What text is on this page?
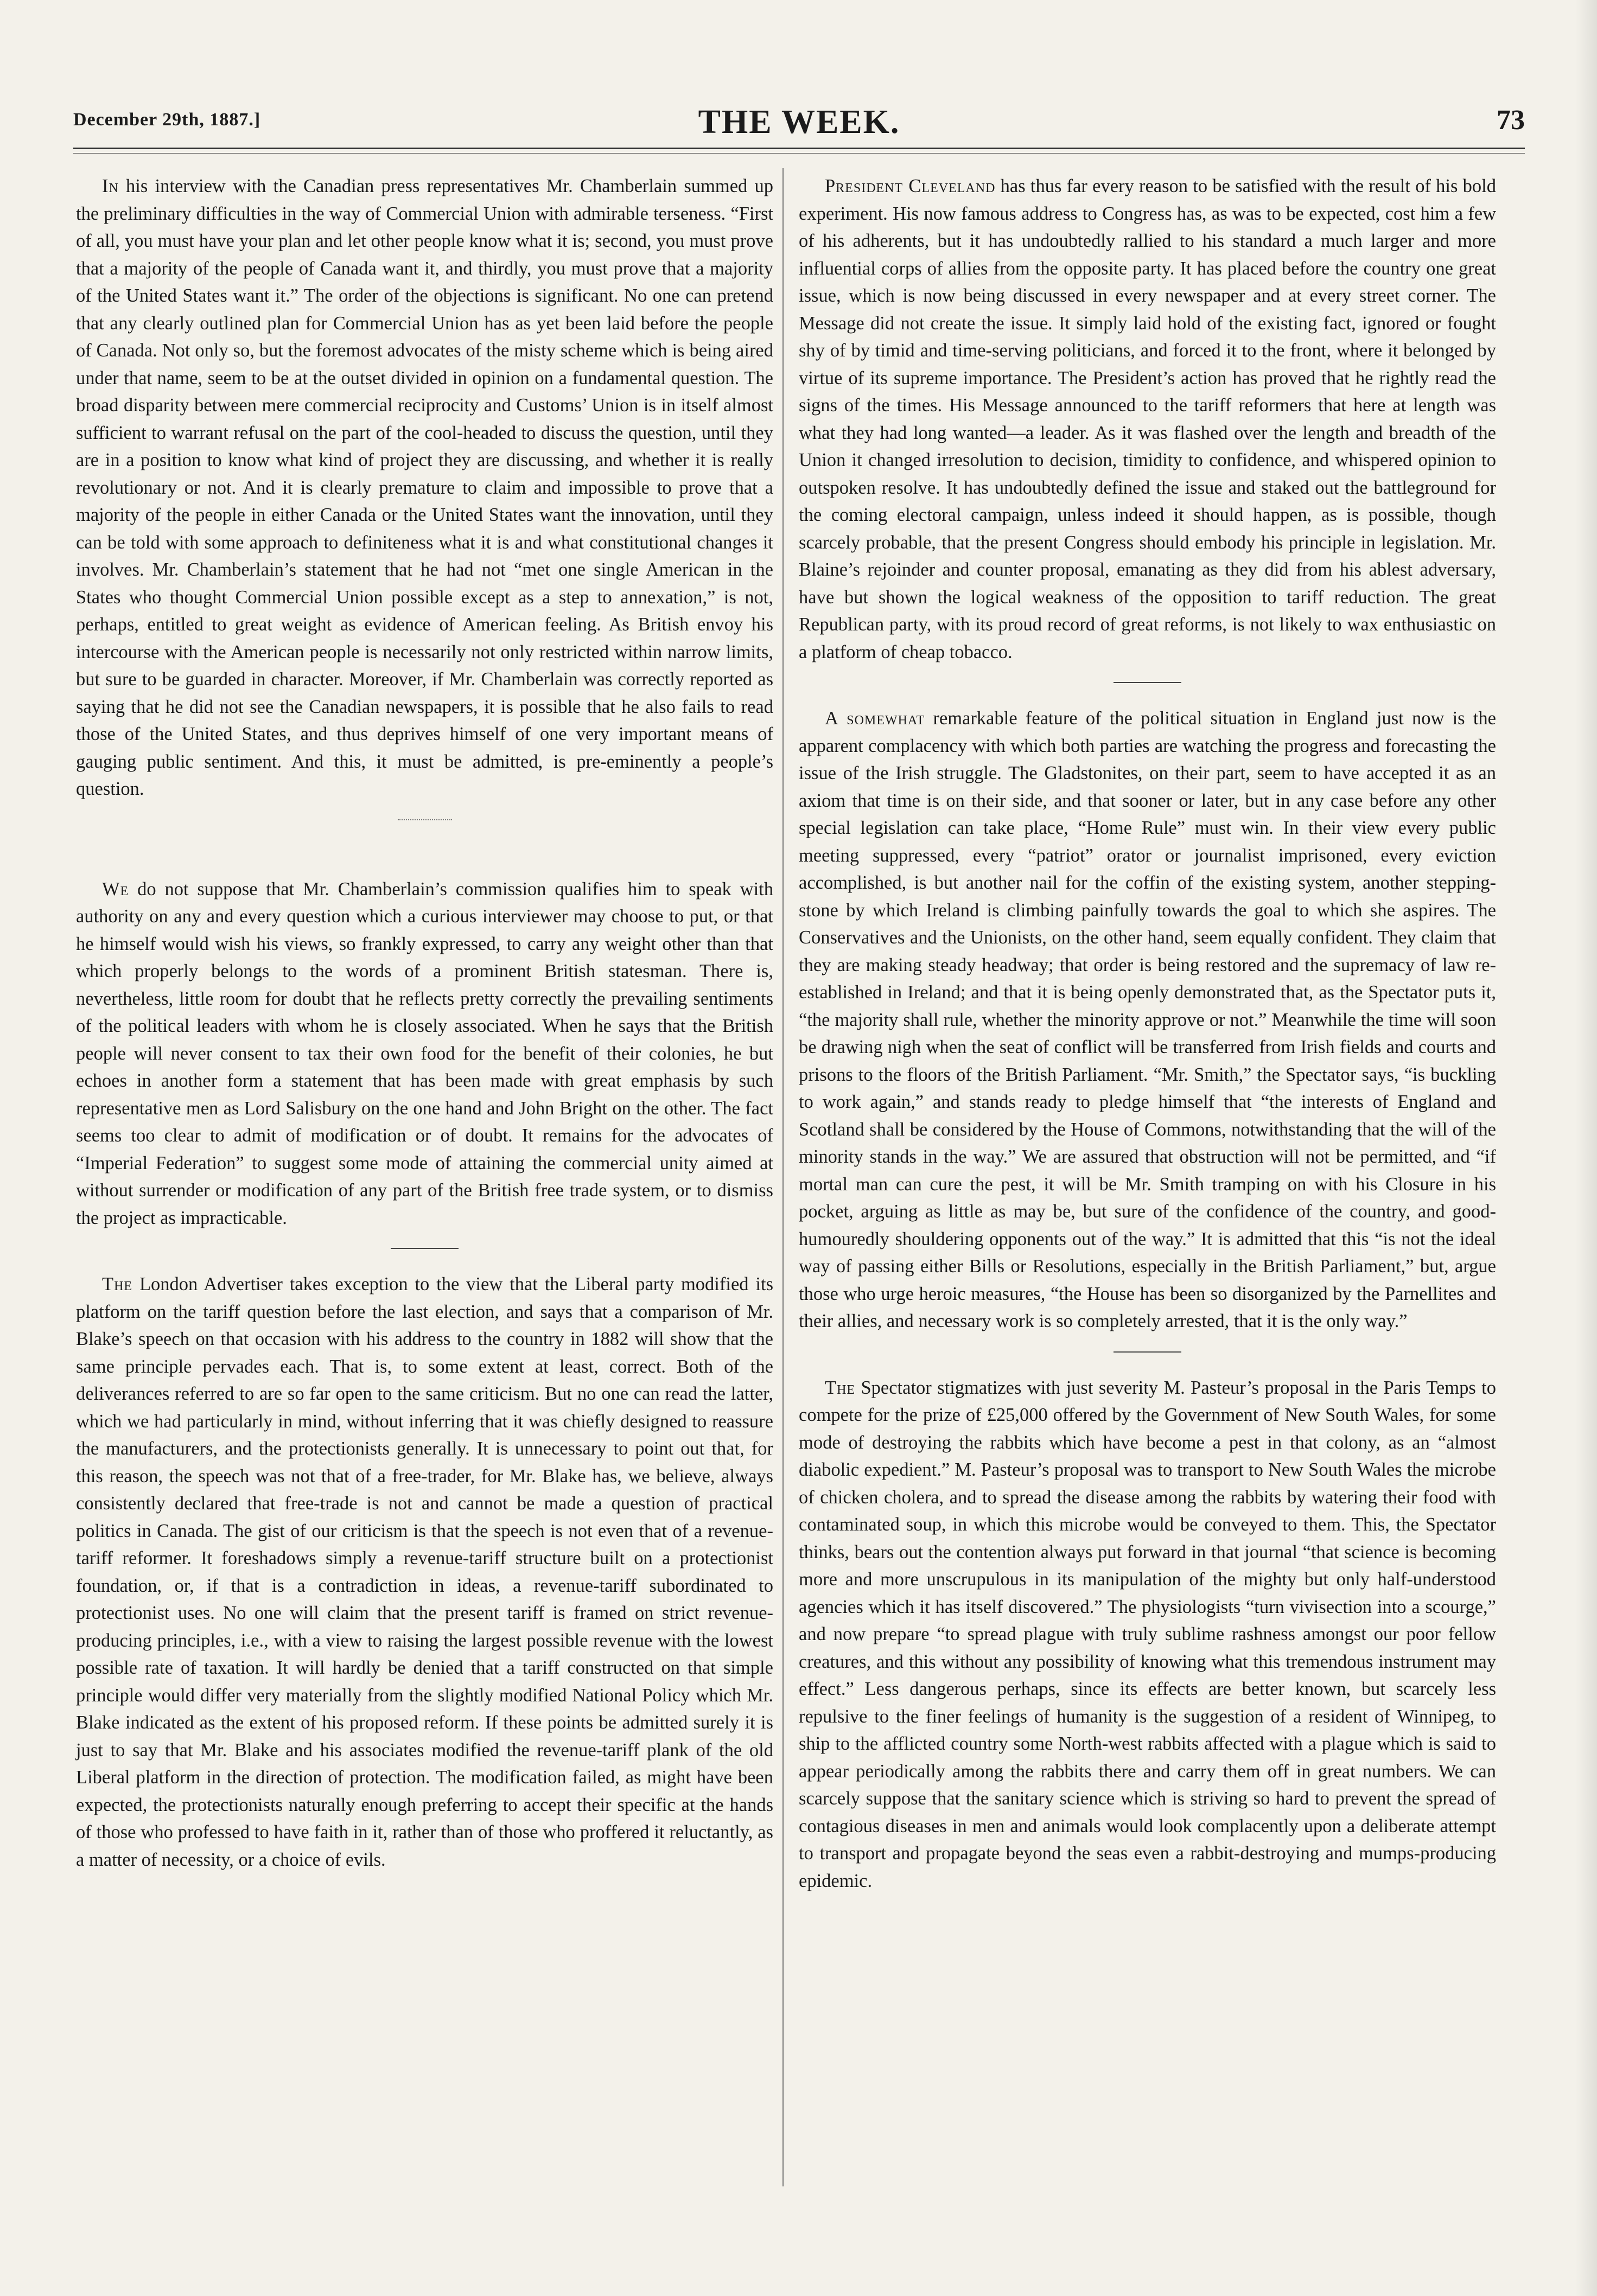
December 29th, 1887.]	THE WEEK.	73

In his interview with the Canadian press representatives Mr. Chamberlain summed up the preliminary difficulties in the way of Commercial Union with admirable terseness. “First of all, you must have your plan and let other people know what it is; second, you must prove that a majority of the people of Canada want it, and thirdly, you must prove that a majority of the United States want it.” The order of the objections is significant. No one can pretend that any clearly outlined plan for Commercial Union has as yet been laid before the people of Canada. Not only so, but the foremost advocates of the misty scheme which is being aired under that name, seem to be at the outset divided in opinion on a fundamental question. The broad disparity between mere commercial reciprocity and Customs’ Union is in itself almost sufficient to warrant refusal on the part of the cool-headed to discuss the question, until they are in a position to know what kind of project they are discussing, and whether it is really revolutionary or not. And it is clearly premature to claim and impossible to prove that a majority of the people in either Canada or the United States want the innovation, until they can be told with some approach to definiteness what it is and what constitutional changes it involves. Mr. Chamberlain’s statement that he had not “met one single American in the States who thought Commercial Union possible except as a step to annexation,” is not, perhaps, entitled to great weight as evidence of American feeling. As British envoy his intercourse with the American people is necessarily not only restricted within narrow limits, but sure to be guarded in character. Moreover, if Mr. Chamberlain was correctly reported as saying that he did not see the Canadian newspapers, it is possible that he also fails to read those of the United States, and thus deprives himself of one very important means of gauging public sentiment. And this, it must be admitted, is pre-eminently a people’s question.

We do not suppose that Mr. Chamberlain’s commission qualifies him to speak with authority on any and every question which a curious interviewer may choose to put, or that he himself would wish his views, so frankly expressed, to carry any weight other than that which properly belongs to the words of a prominent British statesman. There is, nevertheless, little room for doubt that he reflects pretty correctly the prevailing sentiments of the political leaders with whom he is closely associated. When he says that the British people will never consent to tax their own food for the benefit of their colonies, he but echoes in another form a statement that has been made with great emphasis by such representative men as Lord Salisbury on the one hand and John Bright on the other. The fact seems too clear to admit of modification or of doubt. It remains for the advocates of “Imperial Federation” to suggest some mode of attaining the commercial unity aimed at without surrender or modification of any part of the British free trade system, or to dismiss the project as impracticable.

The London Advertiser takes exception to the view that the Liberal party modified its platform on the tariff question before the last election, and says that a comparison of Mr. Blake’s speech on that occasion with his address to the country in 1882 will show that the same principle pervades each. That is, to some extent at least, correct. Both of the deliverances referred to are so far open to the same criticism. But no one can read the latter, which we had particularly in mind, without inferring that it was chiefly designed to reassure the manufacturers, and the protectionists generally. It is unnecessary to point out that, for this reason, the speech was not that of a free-trader, for Mr. Blake has, we believe, always consistently declared that free-trade is not and cannot be made a question of practical politics in Canada. The gist of our criticism is that the speech is not even that of a revenue-tariff reformer. It foreshadows simply a revenue-tariff structure built on a protectionist foundation, or, if that is a contradiction in ideas, a revenue-tariff subordinated to protectionist uses. No one will claim that the present tariff is framed on strict revenue-producing principles, i.e., with a view to raising the largest possible revenue with the lowest possible rate of taxation. It will hardly be denied that a tariff constructed on that simple principle would differ very materially from the slightly modified National Policy which Mr. Blake indicated as the extent of his proposed reform. If these points be admitted surely it is just to say that Mr. Blake and his associates modified the revenue-tariff plank of the old Liberal platform in the direction of protection. The modification failed, as might have been expected, the protectionists naturally enough preferring to accept their specific at the hands of those who professed to have faith in it, rather than of those who proffered it reluctantly, as a matter of necessity, or a choice of evils.

President Cleveland has thus far every reason to be satisfied with the result of his bold experiment. His now famous address to Congress has, as was to be expected, cost him a few of his adherents, but it has undoubtedly rallied to his standard a much larger and more influential corps of allies from the opposite party. It has placed before the country one great issue, which is now being discussed in every newspaper and at every street corner. The Message did not create the issue. It simply laid hold of the existing fact, ignored or fought shy of by timid and time-serving politicians, and forced it to the front, where it belonged by virtue of its supreme importance. The President’s action has proved that he rightly read the signs of the times. His Message announced to the tariff reformers that here at length was what they had long wanted—a leader. As it was flashed over the length and breadth of the Union it changed irresolution to decision, timidity to confidence, and whispered opinion to outspoken resolve. It has undoubtedly defined the issue and staked out the battleground for the coming electoral campaign, unless indeed it should happen, as is possible, though scarcely probable, that the present Congress should embody his principle in legislation. Mr. Blaine’s rejoinder and counter proposal, emanating as they did from his ablest adversary, have but shown the logical weakness of the opposition to tariff reduction. The great Republican party, with its proud record of great reforms, is not likely to wax enthusiastic on a platform of cheap tobacco.

A somewhat remarkable feature of the political situation in England just now is the apparent complacency with which both parties are watching the progress and forecasting the issue of the Irish struggle. The Gladstonites, on their part, seem to have accepted it as an axiom that time is on their side, and that sooner or later, but in any case before any other special legislation can take place, “Home Rule” must win. In their view every public meeting suppressed, every “patriot” orator or journalist imprisoned, every eviction accomplished, is but another nail for the coffin of the existing system, another stepping-stone by which Ireland is climbing painfully towards the goal to which she aspires. The Conservatives and the Unionists, on the other hand, seem equally confident. They claim that they are making steady headway; that order is being restored and the supremacy of law re-established in Ireland; and that it is being openly demonstrated that, as the Spectator puts it, “the majority shall rule, whether the minority approve or not.” Meanwhile the time will soon be drawing nigh when the seat of conflict will be transferred from Irish fields and courts and prisons to the floors of the British Parliament. “Mr. Smith,” the Spectator says, “is buckling to work again,” and stands ready to pledge himself that “the interests of England and Scotland shall be considered by the House of Commons, notwithstanding that the will of the minority stands in the way.” We are assured that obstruction will not be permitted, and “if mortal man can cure the pest, it will be Mr. Smith tramping on with his Closure in his pocket, arguing as little as may be, but sure of the confidence of the country, and good-humouredly shouldering opponents out of the way.” It is admitted that this “is not the ideal way of passing either Bills or Resolutions, especially in the British Parliament,” but, argue those who urge heroic measures, “the House has been so disorganized by the Parnellites and their allies, and necessary work is so completely arrested, that it is the only way.”

The Spectator stigmatizes with just severity M. Pasteur’s proposal in the Paris Temps to compete for the prize of £25,000 offered by the Government of New South Wales, for some mode of destroying the rabbits which have become a pest in that colony, as an “almost diabolic expedient.” M. Pasteur’s proposal was to transport to New South Wales the microbe of chicken cholera, and to spread the disease among the rabbits by watering their food with contaminated soup, in which this microbe would be conveyed to them. This, the Spectator thinks, bears out the contention always put forward in that journal “that science is becoming more and more unscrupulous in its manipulation of the mighty but only half-understood agencies which it has itself discovered.” The physiologists “turn vivisection into a scourge,” and now prepare “to spread plague with truly sublime rashness amongst our poor fellow creatures, and this without any possibility of knowing what this tremendous instrument may effect.” Less dangerous perhaps, since its effects are better known, but scarcely less repulsive to the finer feelings of humanity is the suggestion of a resident of Winnipeg, to ship to the afflicted country some North-west rabbits affected with a plague which is said to appear periodically among the rabbits there and carry them off in great numbers. We can scarcely suppose that the sanitary science which is striving so hard to prevent the spread of contagious diseases in men and animals would look complacently upon a deliberate attempt to transport and propagate beyond the seas even a rabbit-destroying and mumps-producing epidemic.
